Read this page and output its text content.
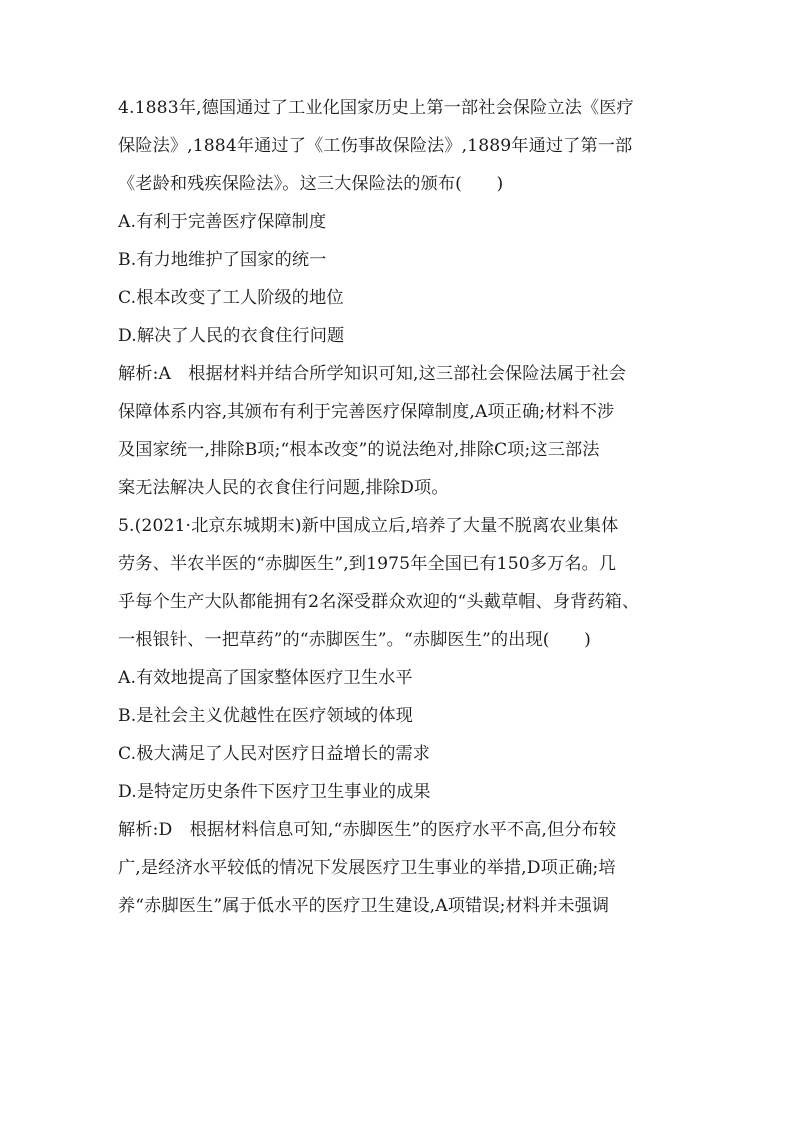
4.1883年,德国通过了工业化国家历史上第一部社会保险立法《医疗
保险法》,1884年通过了《工伤事故保险法》,1889年通过了第一部
《老龄和残疾保险法》。这三大保险法的颁布(　　)
A.有利于完善医疗保障制度
B.有力地维护了国家的统一
C.根本改变了工人阶级的地位
D.解决了人民的衣食住行问题
解析:A　根据材料并结合所学知识可知,这三部社会保险法属于社会
保障体系内容,其颁布有利于完善医疗保障制度,A项正确;材料不涉
及国家统一,排除B项;“根本改变”的说法绝对,排除C项;这三部法
案无法解决人民的衣食住行问题,排除D项。
5.(2021·北京东城期末)新中国成立后,培养了大量不脱离农业集体
劳务、半农半医的“赤脚医生”,到1975年全国已有150多万名。几
乎每个生产大队都能拥有2名深受群众欢迎的“头戴草帽、身背药箱、
一根银针、一把草药”的“赤脚医生”。“赤脚医生”的出现(　　)
A.有效地提高了国家整体医疗卫生水平
B.是社会主义优越性在医疗领域的体现
C.极大满足了人民对医疗日益增长的需求
D.是特定历史条件下医疗卫生事业的成果
解析:D　根据材料信息可知,“赤脚医生”的医疗水平不高,但分布较
广,是经济水平较低的情况下发展医疗卫生事业的举措,D项正确;培
养“赤脚医生”属于低水平的医疗卫生建设,A项错误;材料并未强调
